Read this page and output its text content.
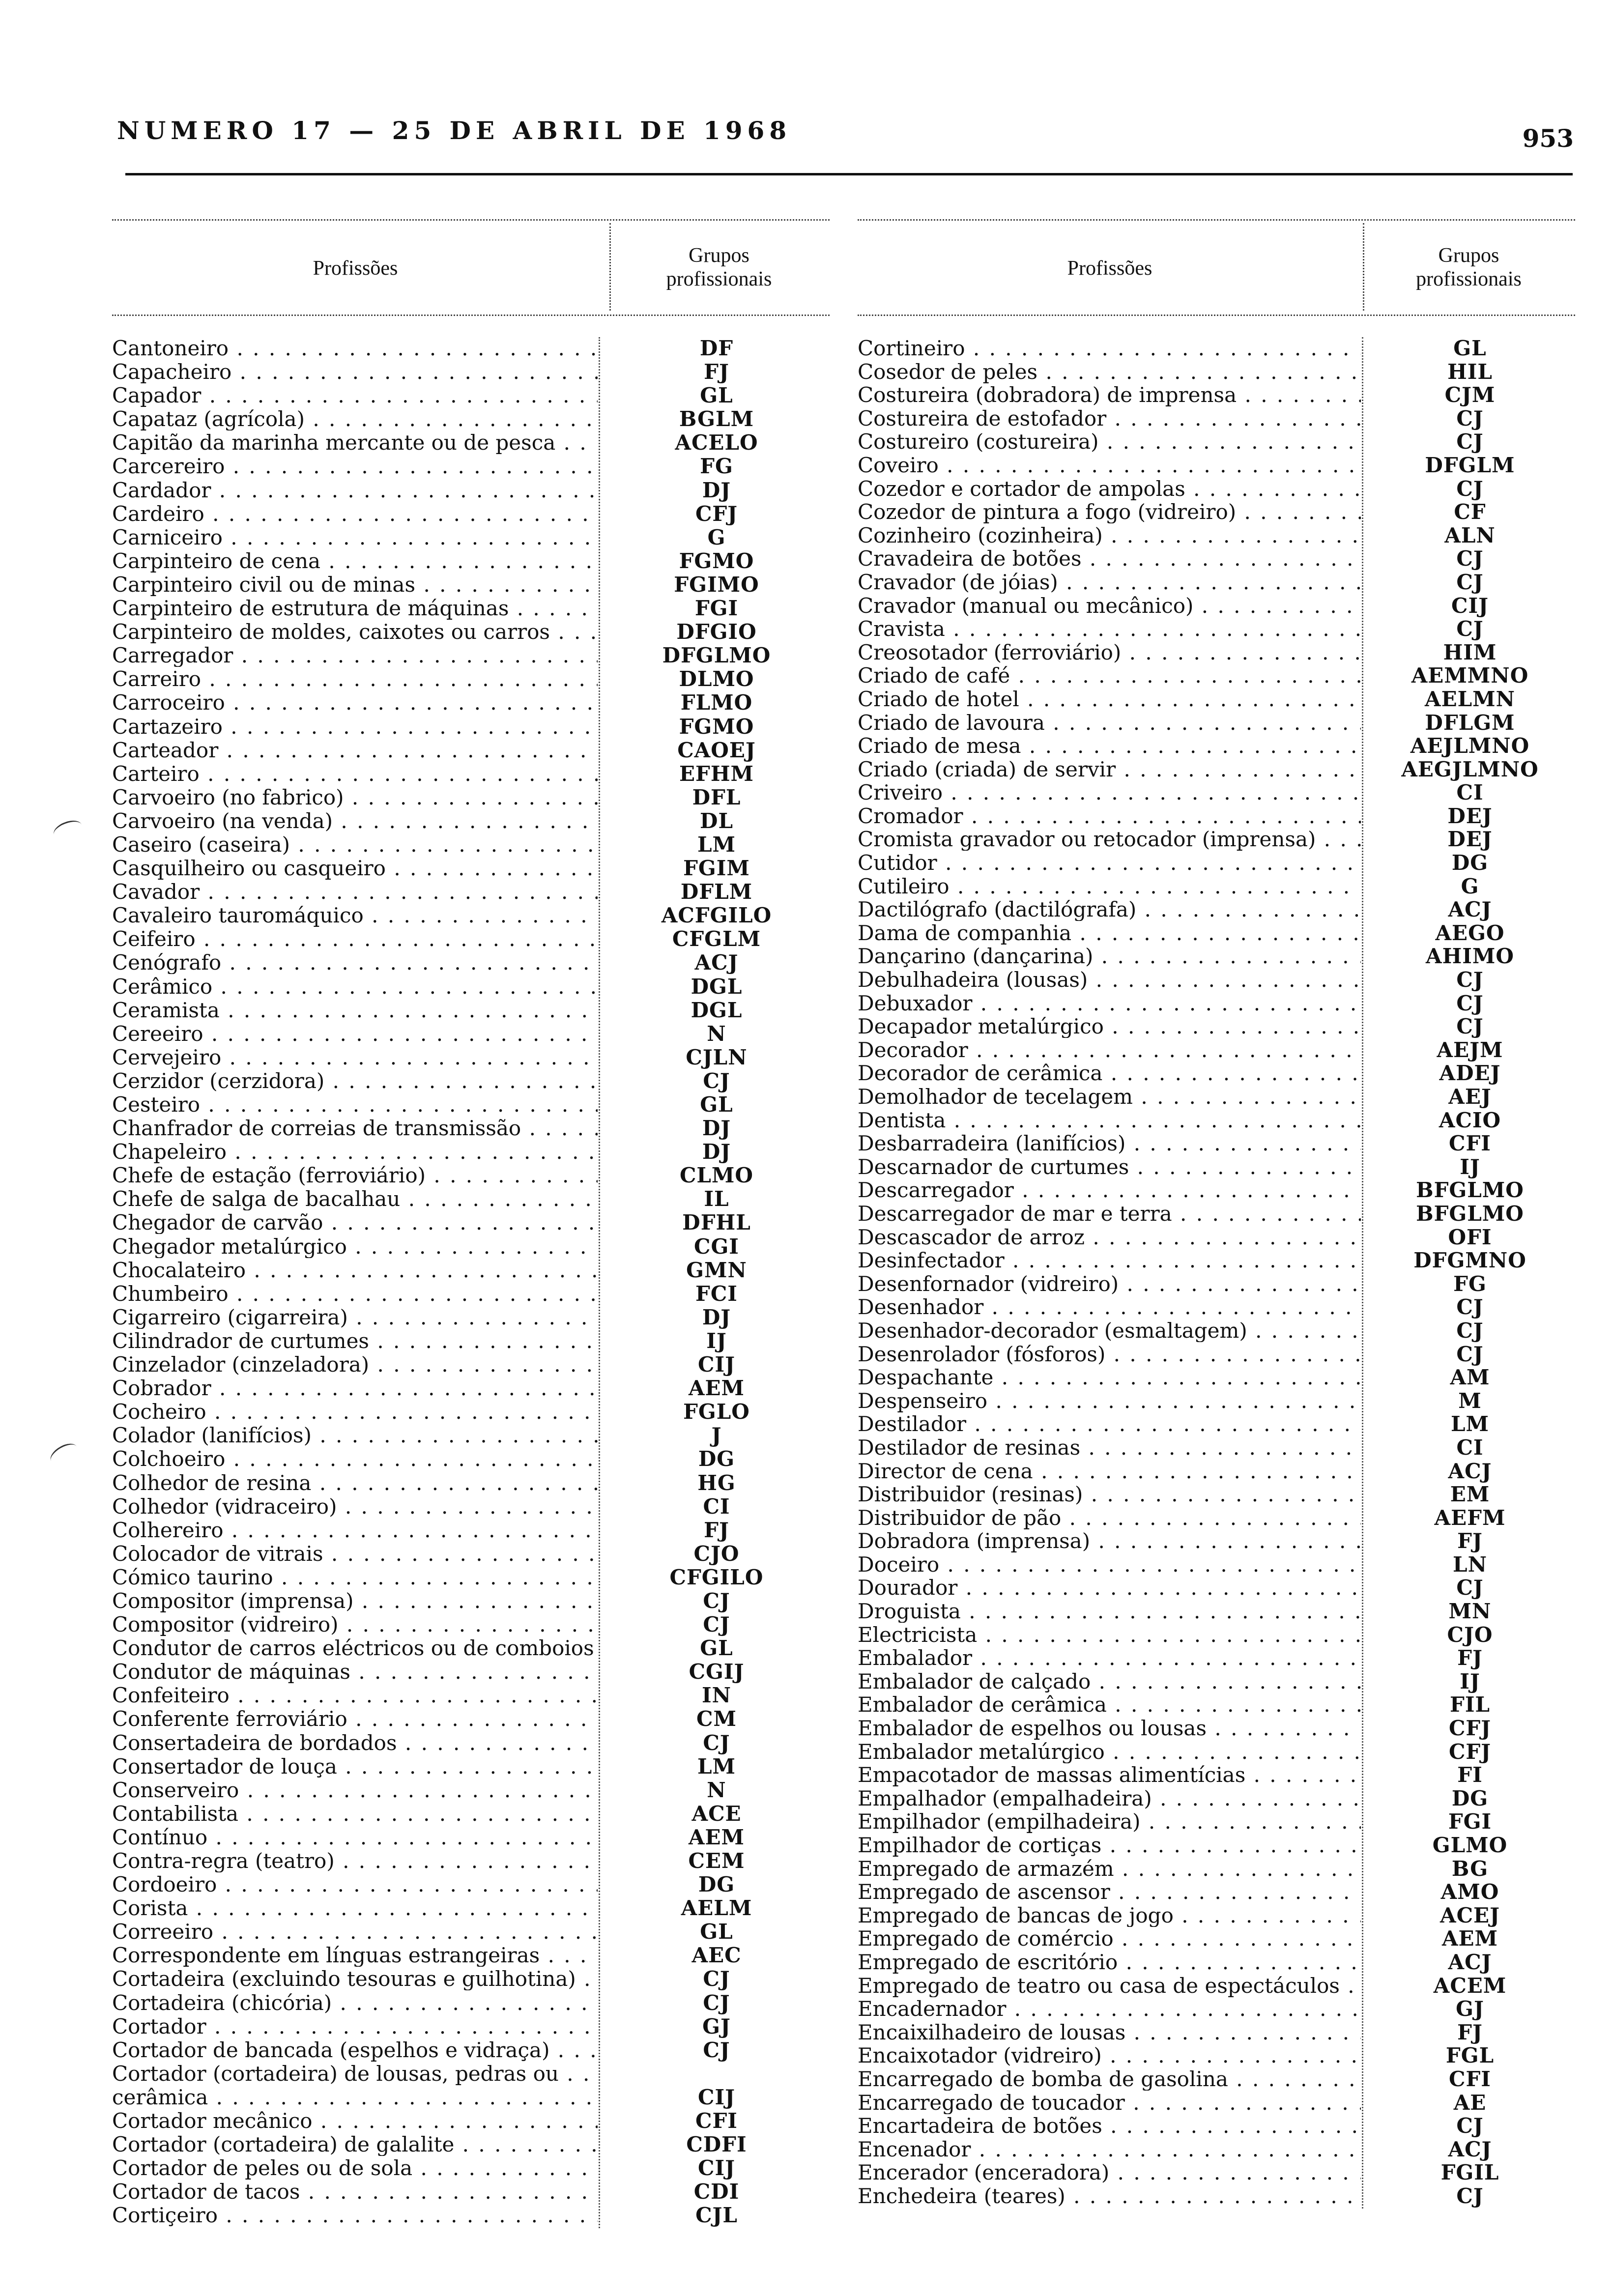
NUMERO 17 — 25 DE ABRIL DE 1968	953
Profissões
Grupos
profissionais
Cantoneiro . . .	DF
Capacheiro . . .	FJ
Capador . . .	GL
Capataz (agrícola) . . .	BGLM
Capitão da marinha mercante ou de pesca . . .	ACELO
Carcereiro . . .	FG
Cardador . . .	DJ
Cardeiro . . .	CFJ
Carniceiro . . .	G
Carpinteiro de cena . . .	FGMO
Carpinteiro civil ou de minas . . .	FGIMO
Carpinteiro de estrutura de máquinas . . .	FGI
Carpinteiro de moldes, caixotes ou carros . . .	DFGIO
Carregador . . .	DFGLMO
Carreiro . . .	DLMO
Carroceiro . . .	FLMO
Cartazeiro . . .	FGMO
Carteador . . .	CAOEJ
Carteiro . . .	EFHM
Carvoeiro (no fabrico) . . .	DFL
Carvoeiro (na venda) . . .	DL
Caseiro (caseira) . . .	LM
Casquilheiro ou casqueiro . . .	FGIM
Cavador . . .	DFLM
Cavaleiro tauromáquico . . .	ACFGILO
Ceifeiro . . .	CFGLM
Cenógrafo . . .	ACJ
Cerâmico . . .	DGL
Ceramista . . .	DGL
Cereeiro . . .	N
Cervejeiro . . .	CJLN
Cerzidor (cerzidora) . . .	CJ
Cesteiro . . .	GL
Chanfrador de correias de transmissão . . .	DJ
Chapeleiro . . .	DJ
Chefe de estação (ferroviário) . . .	CLMO
Chefe de salga de bacalhau . . .	IL
Chegador de carvão . . .	DFHL
Chegador metalúrgico . . .	CGI
Chocalateiro . . .	GMN
Chumbeiro . . .	FCI
Cigarreiro (cigarreira) . . .	DJ
Cilindrador de curtumes . . .	IJ
Cinzelador (cinzeladora) . . .	CIJ
Cobrador . . .	AEM
Cocheiro . . .	FGLO
Colador (lanifícios) . . .	J
Colchoeiro . . .	DG
Colhedor de resina . . .	HG
Colhedor (vidraceiro) . . .	CI
Colhereiro . . .	FJ
Colocador de vitrais . . .	CJO
Cómico taurino . . .	CFGILO
Compositor (imprensa) . . .	CJ
Compositor (vidreiro) . . .	CJ
Condutor de carros eléctricos ou de comboios . . .	GL
Condutor de máquinas . . .	CGIJ
Confeiteiro . . .	IN
Conferente ferroviário . . .	CM
Consertadeira de bordados . . .	CJ
Consertador de louça . . .	LM
Conserveiro . . .	N
Contabilista . . .	ACE
Contínuo . . .	AEM
Contra-regra (teatro) . . .	CEM
Cordoeiro . . .	DG
Corista . . .	AELM
Correeiro . . .	GL
Correspondente em línguas estrangeiras . . .	AEC
Cortadeira (excluindo tesouras e guilhotina) . . .	CJ
Cortadeira (chicória) . . .	CJ
Cortador . . .	GJ
Cortador de bancada (espelhos e vidraça) . . .	CJ
Cortador (cortadeira) de lousas, pedras ou . . .
cerâmica . . .	CIJ
Cortador mecânico . . .	CFI
Cortador (cortadeira) de galalite . . .	CDFI
Cortador de peles ou de sola . . .	CIJ
Cortador de tacos . . .	CDI
Cortiçeiro . . .	CJL
Profissões
Grupos
profissionais
Cortineiro . . .	GL
Cosedor de peles . . .	HIL
Costureira (dobradora) de imprensa . . .	CJM
Costureira de estofador . . .	CJ
Costureiro (costureira) . . .	CJ
Coveiro . . .	DFGLM
Cozedor e cortador de ampolas . . .	CJ
Cozedor de pintura a fogo (vidreiro) . . .	CF
Cozinheiro (cozinheira) . . .	ALN
Cravadeira de botões . . .	CJ
Cravador (de jóias) . . .	CJ
Cravador (manual ou mecânico) . . .	CIJ
Cravista . . .	CJ
Creosotador (ferroviário) . . .	HIM
Criado de café . . .	AEMMNO
Criado de hotel . . .	AELMN
Criado de lavoura . . .	DFLGM
Criado de mesa . . .	AEJLMNO
Criado (criada) de servir . . .	AEGJLMNO
Criveiro . . .	CI
Cromador . . .	DEJ
Cromista gravador ou retocador (imprensa) . . .	DEJ
Cutidor . . .	DG
Cutileiro . . .	G
Dactilógrafo (dactilógrafa) . . .	ACJ
Dama de companhia . . .	AEGO
Dançarino (dançarina) . . .	AHIMO
Debulhadeira (lousas) . . .	CJ
Debuxador . . .	CJ
Decapador metalúrgico . . .	CJ
Decorador . . .	AEJM
Decorador de cerâmica . . .	ADEJ
Demolhador de tecelagem . . .	AEJ
Dentista . . .	ACIO
Desbarradeira (lanifícios) . . .	CFI
Descarnador de curtumes . . .	IJ
Descarregador . . .	BFGLMO
Descarregador de mar e terra . . .	BFGLMO
Descascador de arroz . . .	OFI
Desinfectador . . .	DFGMNO
Desenfornador (vidreiro) . . .	FG
Desenhador . . .	CJ
Desenhador-decorador (esmaltagem) . . .	CJ
Desenrolador (fósforos) . . .	CJ
Despachante . . .	AM
Despenseiro . . .	M
Destilador . . .	LM
Destilador de resinas . . .	CI
Director de cena . . .	ACJ
Distribuidor (resinas) . . .	EM
Distribuidor de pão . . .	AEFM
Dobradora (imprensa) . . .	FJ
Doceiro . . .	LN
Dourador . . .	CJ
Droguista . . .	MN
Electricista . . .	CJO
Embalador . . .	FJ
Embalador de calçado . . .	IJ
Embalador de cerâmica . . .	FIL
Embalador de espelhos ou lousas . . .	CFJ
Embalador metalúrgico . . .	CFJ
Empacotador de massas alimentícias . . .	FI
Empalhador (empalhadeira) . . .	DG
Empilhador (empilhadeira) . . .	FGI
Empilhador de cortiças . . .	GLMO
Empregado de armazém . . .	BG
Empregado de ascensor . . .	AMO
Empregado de bancas de jogo . . .	ACEJ
Empregado de comércio . . .	AEM
Empregado de escritório . . .	ACJ
Empregado de teatro ou casa de espectáculos . . .	ACEM
Encadernador . . .	GJ
Encaixilhadeiro de lousas . . .	FJ
Encaixotador (vidreiro) . . .	FGL
Encarregado de bomba de gasolina . . .	CFI
Encarregado de toucador . . .	AE
Encartadeira de botões . . .	CJ
Encenador . . .	ACJ
Encerador (enceradora) . . .	FGIL
Enchedeira (teares) . . .	CJ
